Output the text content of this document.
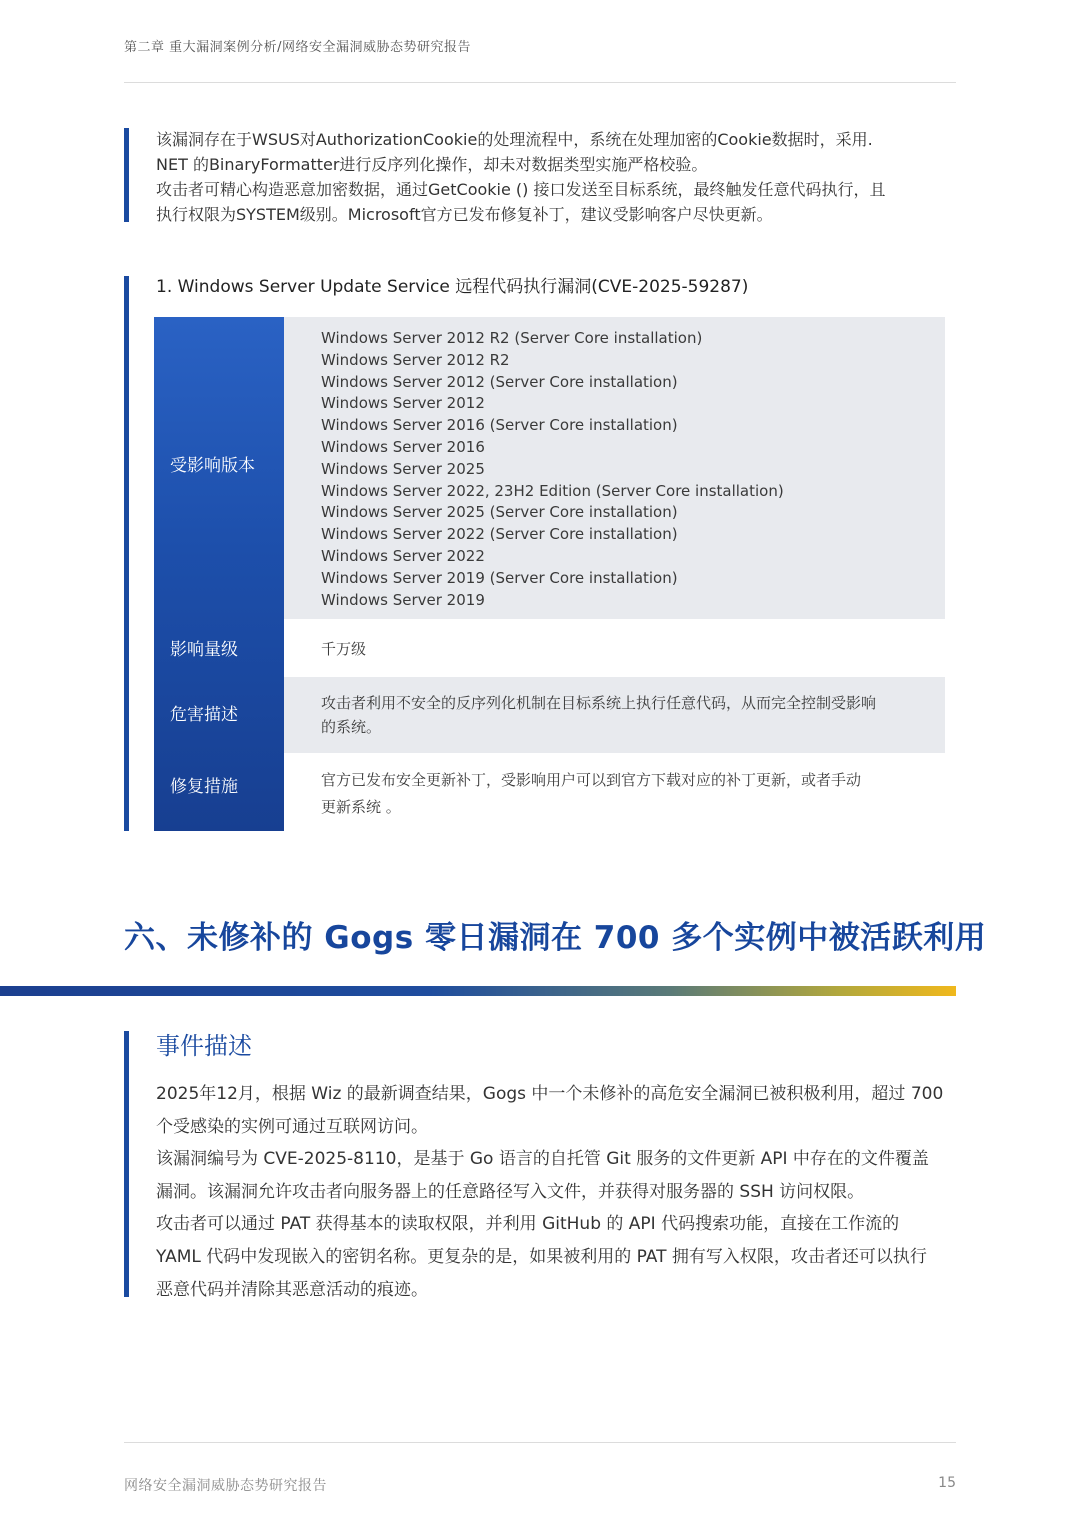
第二章 重大漏洞案例分析/网络安全漏洞威胁态势研究报告
该漏洞存在于WSUS对AuthorizationCookie的处理流程中，系统在处理加密的Cookie数据时，采用.
NET 的BinaryFormatter进行反序列化操作，却未对数据类型实施严格校验。
攻击者可精心构造恶意加密数据，通过GetCookie () 接口发送至目标系统，最终触发任意代码执行，且
执行权限为SYSTEM级别。Microsoft官方已发布修复补丁，建议受影响客户尽快更新。
1. Windows Server Update Service 远程代码执行漏洞(CVE-2025-59287)
受影响版本
影响量级
危害描述
修复措施
Windows Server 2012 R2 (Server Core installation)
Windows Server 2012 R2
Windows Server 2012 (Server Core installation)
Windows Server 2012
Windows Server 2016 (Server Core installation)
Windows Server 2016
Windows Server 2025
Windows Server 2022, 23H2 Edition (Server Core installation)
Windows Server 2025 (Server Core installation)
Windows Server 2022 (Server Core installation)
Windows Server 2022
Windows Server 2019 (Server Core installation)
Windows Server 2019
千万级
攻击者利用不安全的反序列化机制在目标系统上执行任意代码，从而完全控制受影响
的系统。
官方已发布安全更新补丁，受影响用户可以到官方下载对应的补丁更新，或者手动
更新系统 。
六、未修补的 Gogs 零日漏洞在 700 多个实例中被活跃利用
事件描述
2025年12月，根据 Wiz 的最新调查结果，Gogs 中一个未修补的高危安全漏洞已被积极利用，超过 700
个受感染的实例可通过互联网访问。
该漏洞编号为 CVE-2025-8110，是基于 Go 语言的自托管 Git 服务的文件更新 API 中存在的文件覆盖
漏洞。该漏洞允许攻击者向服务器上的任意路径写入文件，并获得对服务器的 SSH 访问权限。
攻击者可以通过 PAT 获得基本的读取权限，并利用 GitHub 的 API 代码搜索功能，直接在工作流的
YAML 代码中发现嵌入的密钥名称。更复杂的是，如果被利用的 PAT 拥有写入权限，攻击者还可以执行
恶意代码并清除其恶意活动的痕迹。
网络安全漏洞威胁态势研究报告	15
